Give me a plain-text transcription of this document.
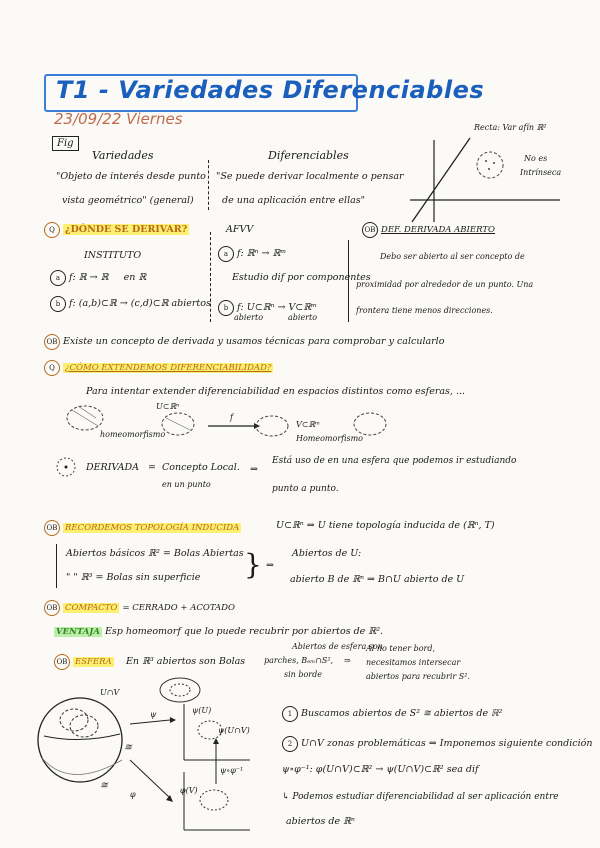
T1 - Variedades Diferenciables
23/09/22 Viernes
Fig
Variedades
"Objeto de interés desde punto
vista geométrico" (general)
Diferenciables
"Se puede derivar localmente o pensar
de una aplicación entre ellas"
Recta: Var afín ℝ²
No es
Intrínseca
Q ¿DÓNDE SE DERIVAR?
INSTITUTO
a f: ℝ → ℝ en ℝ
b f: (a,b)⊂ℝ → (c,d)⊂ℝ abiertos
AFVV
a f: ℝⁿ → ℝᵐ
Estudio dif por componentes
b f: U⊂ℝⁿ → V⊂ℝᵐ
abierto	abierto
OB DEF. DERIVADA ABIERTO
Debo ser abierto al ser concepto de
proximidad por alrededor de un punto. Una
frontera tiene menos direcciones.
OB Existe un concepto de derivada y usamos técnicas para comprobar y calcularlo
Q ¿CÓMO EXTENDEMOS DIFERENCIABILIDAD?
Para intentar extender diferenciabilidad en espacios distintos como esferas, ...
U⊂ℝⁿ
homeomorfismo
f
V⊂ℝᵐ
Homeomorfismo
DERIVADA = Concepto Local.
en un punto
⇒
Está uso de en una esfera que podemos ir estudiando
punto a punto.
OB RECORDEMOS TOPOLOGÍA INDUCIDA	U⊂ℝⁿ ⇒ U tiene topología inducida de (ℝⁿ, T)
Abiertos básicos ℝ² = Bolas Abiertas
" " ℝ³ = Bolas sin superficie } ⇒
Abiertos de U:
abierto B de ℝⁿ ⇒ B∩U abierto de U
OB COMPACTO = CERRADO + ACOTADO
VENTAJA Esp homeomorf que lo puede recubrir por abiertos de ℝ².
OB ESFERA En ℝ³ abiertos son Bolas
Abiertos de esfera son
parches, Bₑₘ∩S²,
sin borde
⇒
Al no tener bord,
necesitamos intersecar
abiertos para recubrir S².
U∩V
ψ(U)
ψ(U∩V)
ψ∘φ⁻¹
φ(V)
ψ
φ
≅
≅
1 Buscamos abiertos de S² ≅ abiertos de ℝ²
2 U∩V zonas problemáticas ⇒ Imponemos siguiente condición
ψ∘φ⁻¹: φ(U∩V)⊂ℝ² → ψ(U∩V)⊂ℝ² sea dif
↳ Podemos estudiar diferenciabilidad al ser aplicación entre
abiertos de ℝⁿ
